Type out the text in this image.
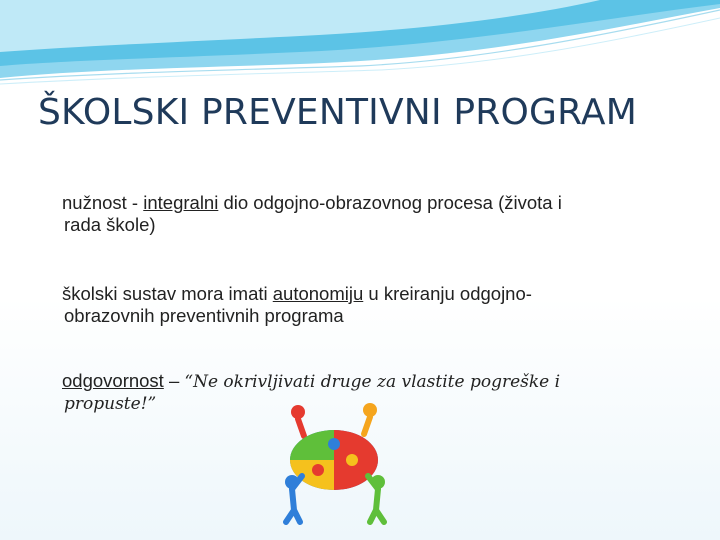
ŠKOLSKI PREVENTIVNI PROGRAM
nužnost - integralni dio odgojno-obrazovnog procesa (života i
rada škole)
školski sustav mora imati autonomiju u kreiranju odgojno-
obrazovnih preventivnih programa
odgovornost – “Ne okrivljivati druge za vlastite pogreške i
propuste!”
